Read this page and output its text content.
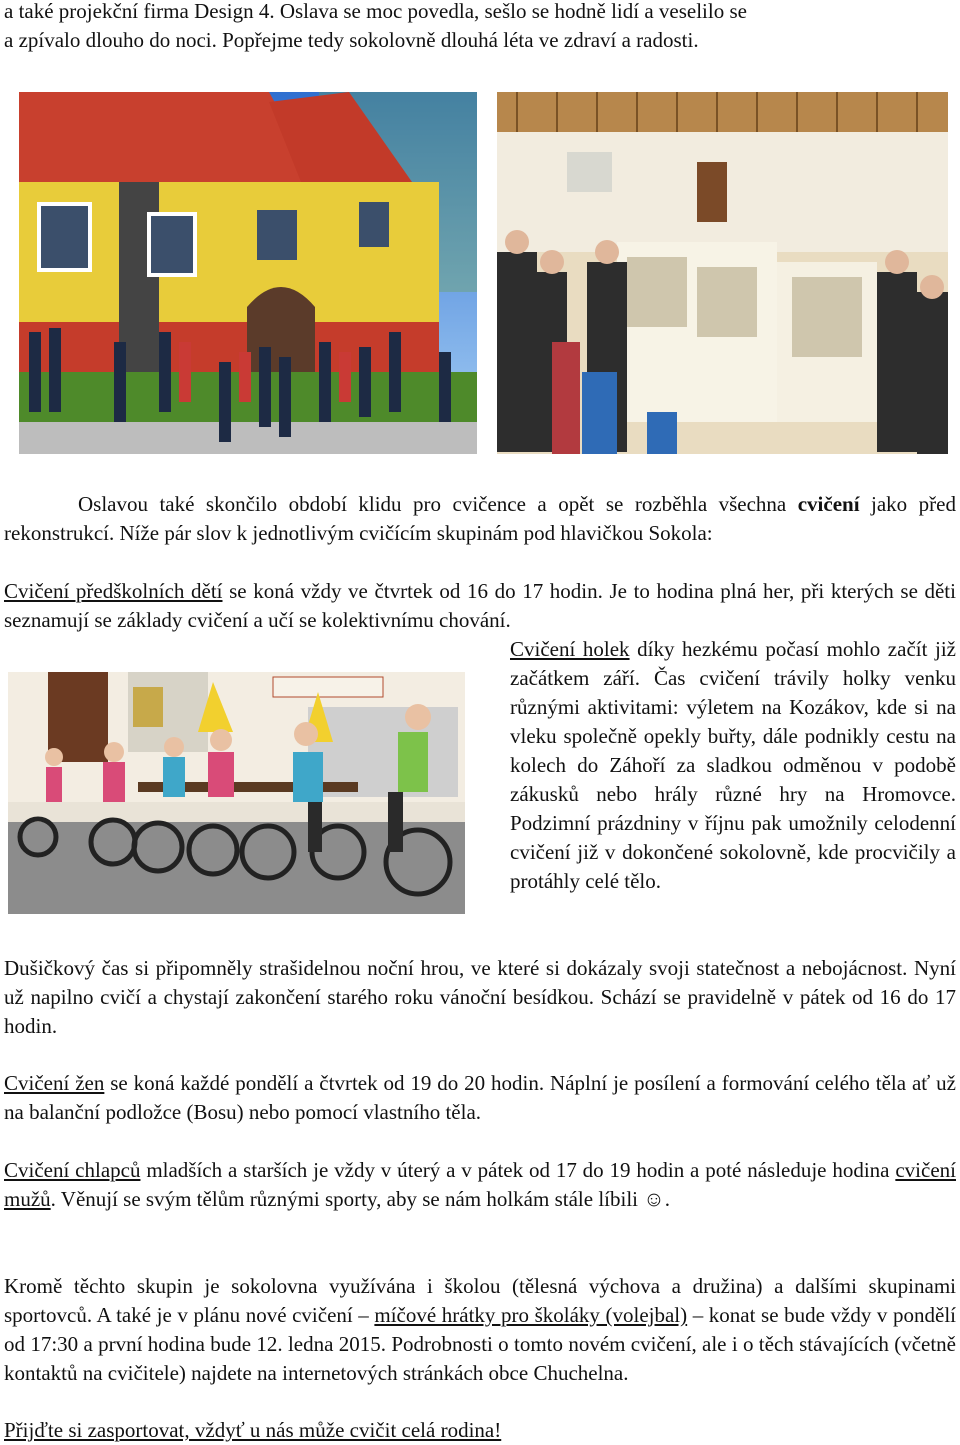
a také projekční firma Design 4. Oslava se moc povedla, sešlo se hodně lidí a veselilo se

a zpívalo dlouho do noci. Popřejme tedy sokolovně dlouhá léta ve zdraví a radosti.

Oslavou také skončilo období klidu pro cvičence a opět se rozběhla všechna cvičení jako před rekonstrukcí. Níže pár slov k jednotlivým cvičícím skupinám pod hlavičkou Sokola:

Cvičení předškolních dětí se koná vždy ve čtvrtek od 16 do 17 hodin. Je to hodina plná her, při kterých se děti seznamují se základy cvičení a učí se kolektivnímu chování.

Cvičení holek díky hezkému počasí mohlo začít již začátkem září. Čas cvičení trávily holky venku různými aktivitami: výletem na Kozákov, kde si na vleku společně opekly buřty, dále podnikly cestu na kolech do Záhoří za sladkou odměnou v podobě zákusků nebo hrály různé hry na Hromovce. Podzimní prázdniny v říjnu pak umožnily celodenní cvičení již v dokončené sokolovně, kde procvičily a protáhly celé tělo.

Dušičkový čas si připomněly strašidelnou noční hrou, ve které si dokázaly svoji statečnost a nebojácnost. Nyní už napilno cvičí a chystají zakončení starého roku vánoční besídkou. Schází se pravidelně v pátek od 16 do 17 hodin.

Cvičení žen se koná každé pondělí a čtvrtek od 19 do 20 hodin. Náplní je posílení a formování celého těla ať už na balanční podložce (Bosu) nebo pomocí vlastního těla.

Cvičení chlapců mladších a starších je vždy v úterý a v pátek od 17 do 19 hodin a poté následuje hodina cvičení mužů. Věnují se svým tělům různými sporty, aby se nám holkám stále líbili ☺.

Kromě těchto skupin je sokolovna využívána i školou (tělesná výchova a družina) a dalšími skupinami sportovců. A také je v plánu nové cvičení – míčové hrátky pro školáky (volejbal) – konat se bude vždy v pondělí od 17:30 a první hodina bude 12. ledna 2015. Podrobnosti o tomto novém cvičení, ale i o těch stávajících (včetně kontaktů na cvičitele) najdete na internetových stránkách obce Chuchelna.

Přijďte si zasportovat, vždyť u nás může cvičit celá rodina!
